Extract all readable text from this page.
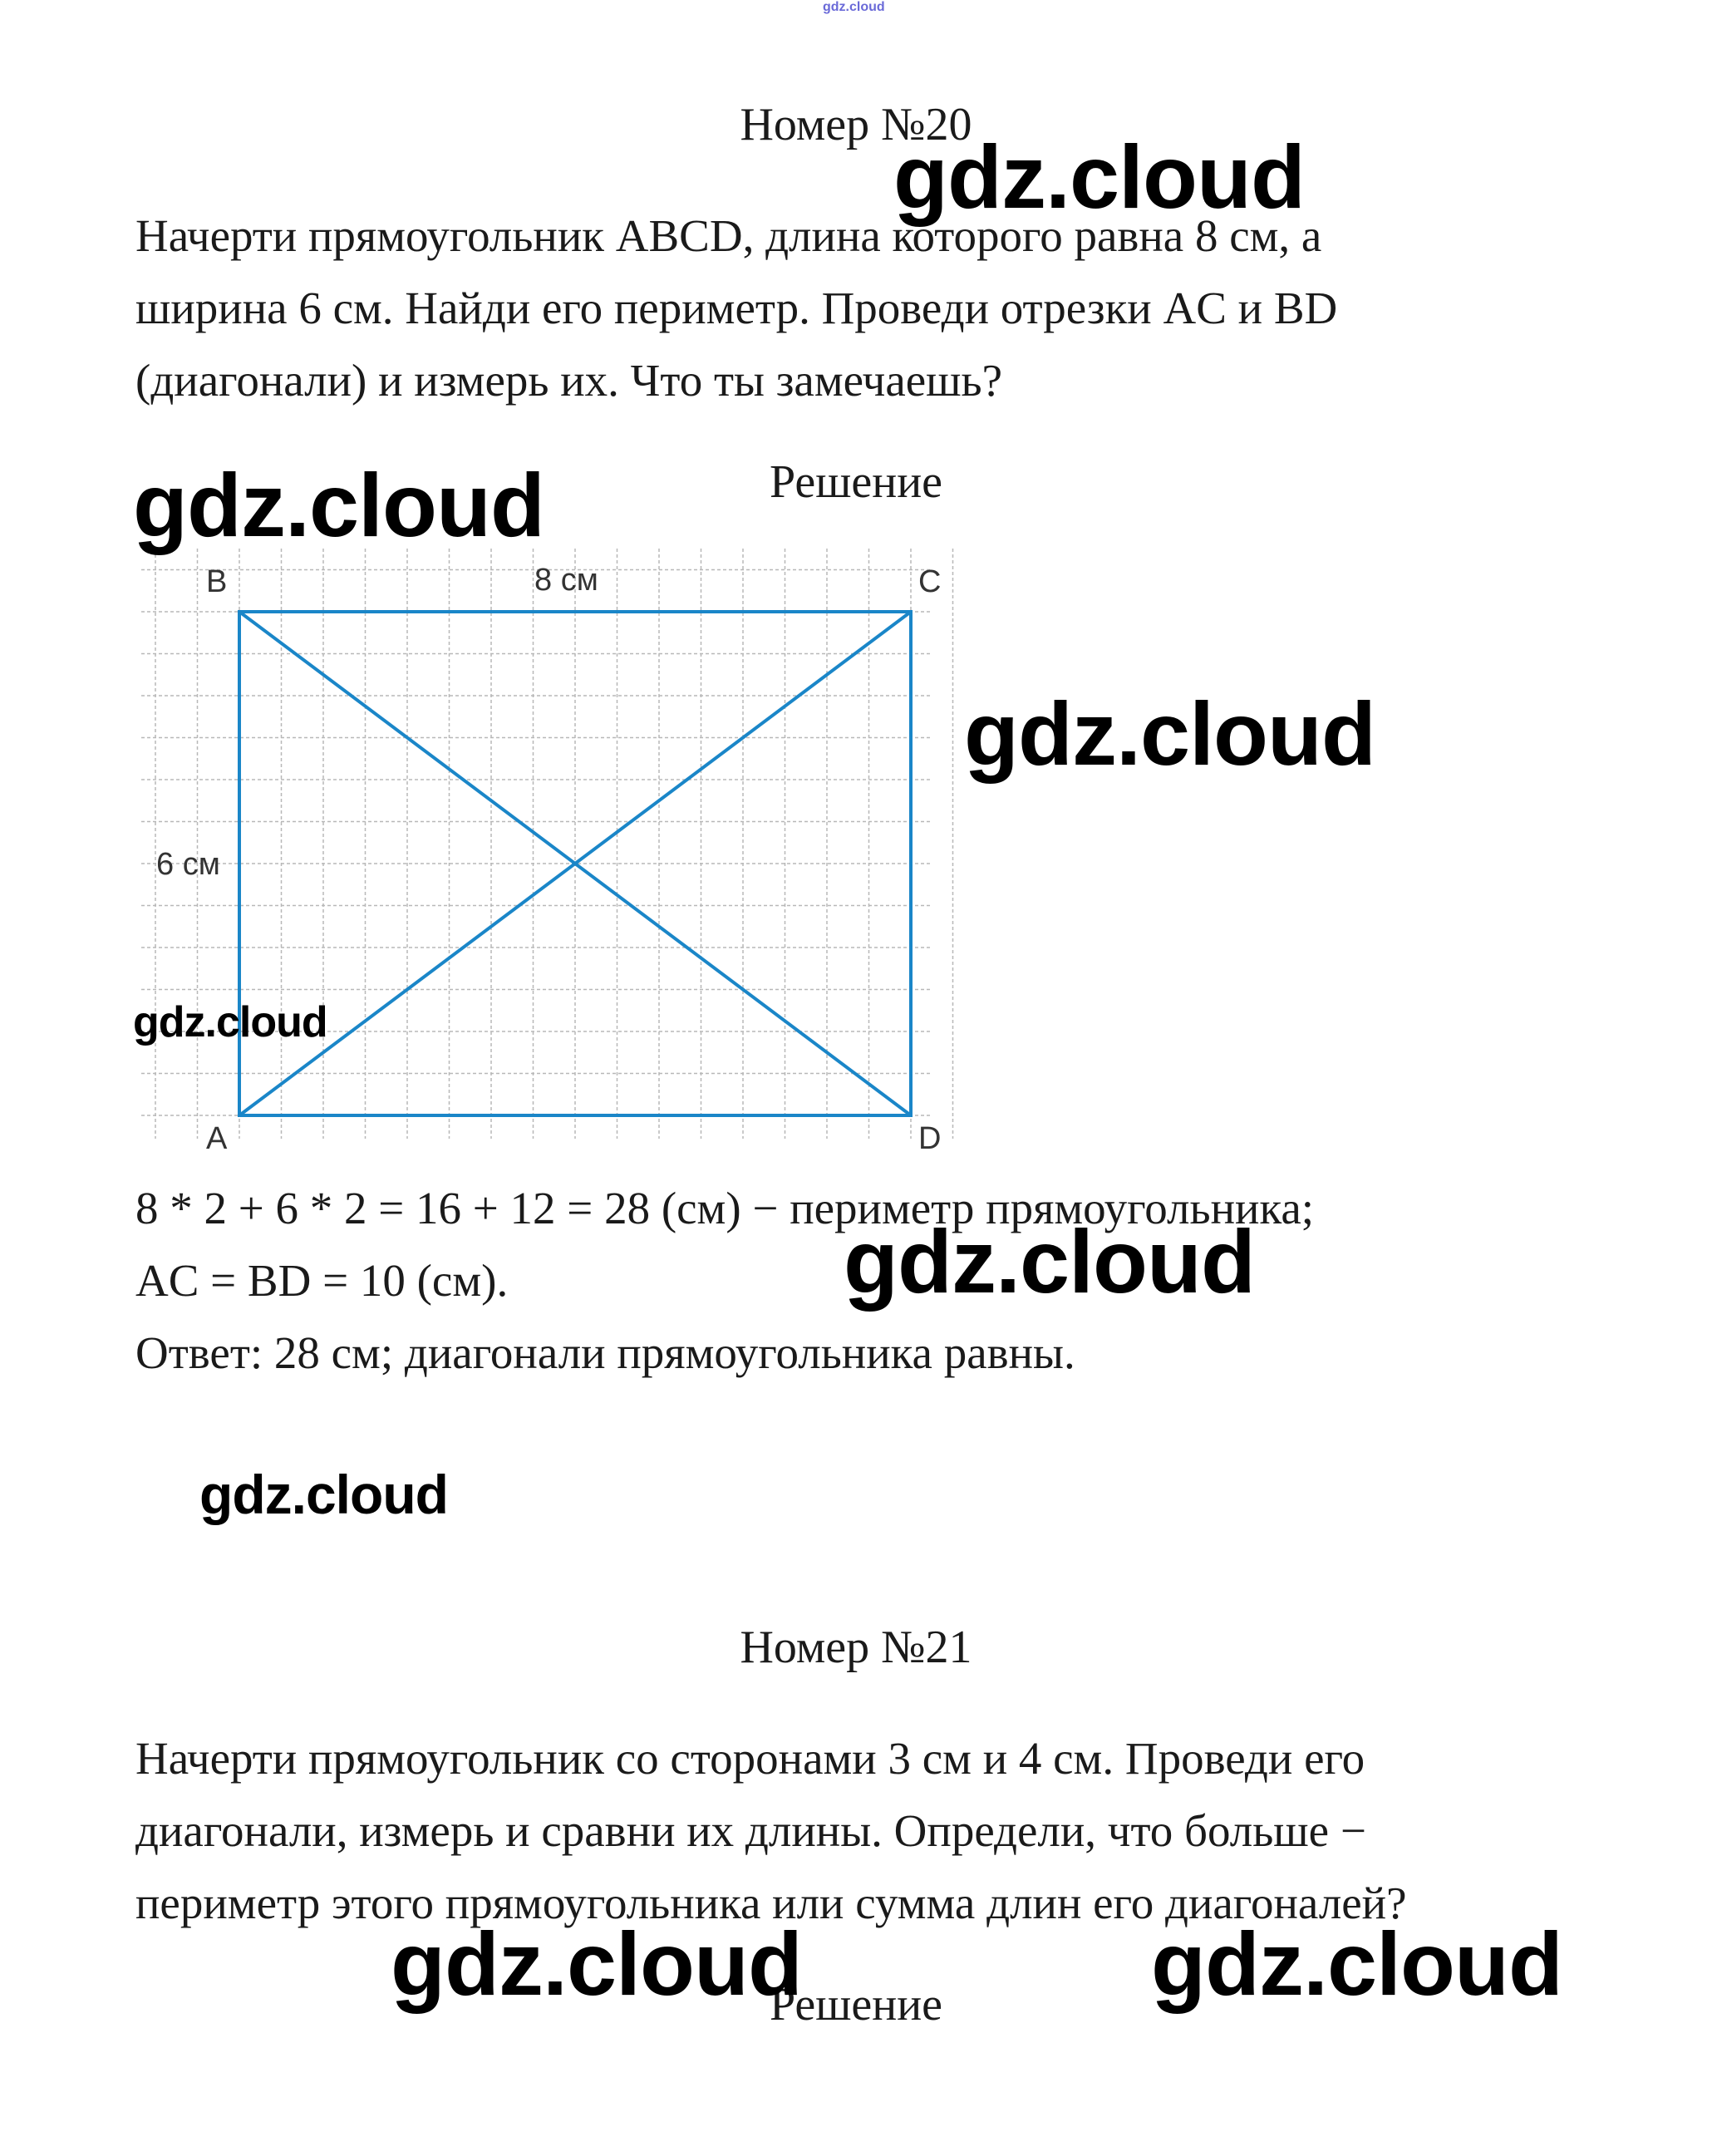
gdz.cloud
Номер №20
Начерти прямоугольник ABCD, длина которого равна 8 см, а
ширина 6 см. Найди его периметр. Проведи отрезки AC и BD
(диагонали) и измерь их. Что ты замечаешь?
Решение
B	C
A	D
8 см
6 см
8 * 2 + 6 * 2 = 16 + 12 = 28 (см) − периметр прямоугольника;
AC = BD = 10 (см).
Ответ: 28 см; диагонали прямоугольника равны.
Номер №21
Начерти прямоугольник со сторонами 3 см и 4 см. Проведи его
диагонали, измерь и сравни их длины. Определи, что больше −
периметр этого прямоугольника или сумма длин его диагоналей?
Решение
gdz.cloud
gdz.cloud
gdz.cloud
gdz.cloud
gdz.cloud
gdz.cloud
gdz.cloud	gdz.cloud
